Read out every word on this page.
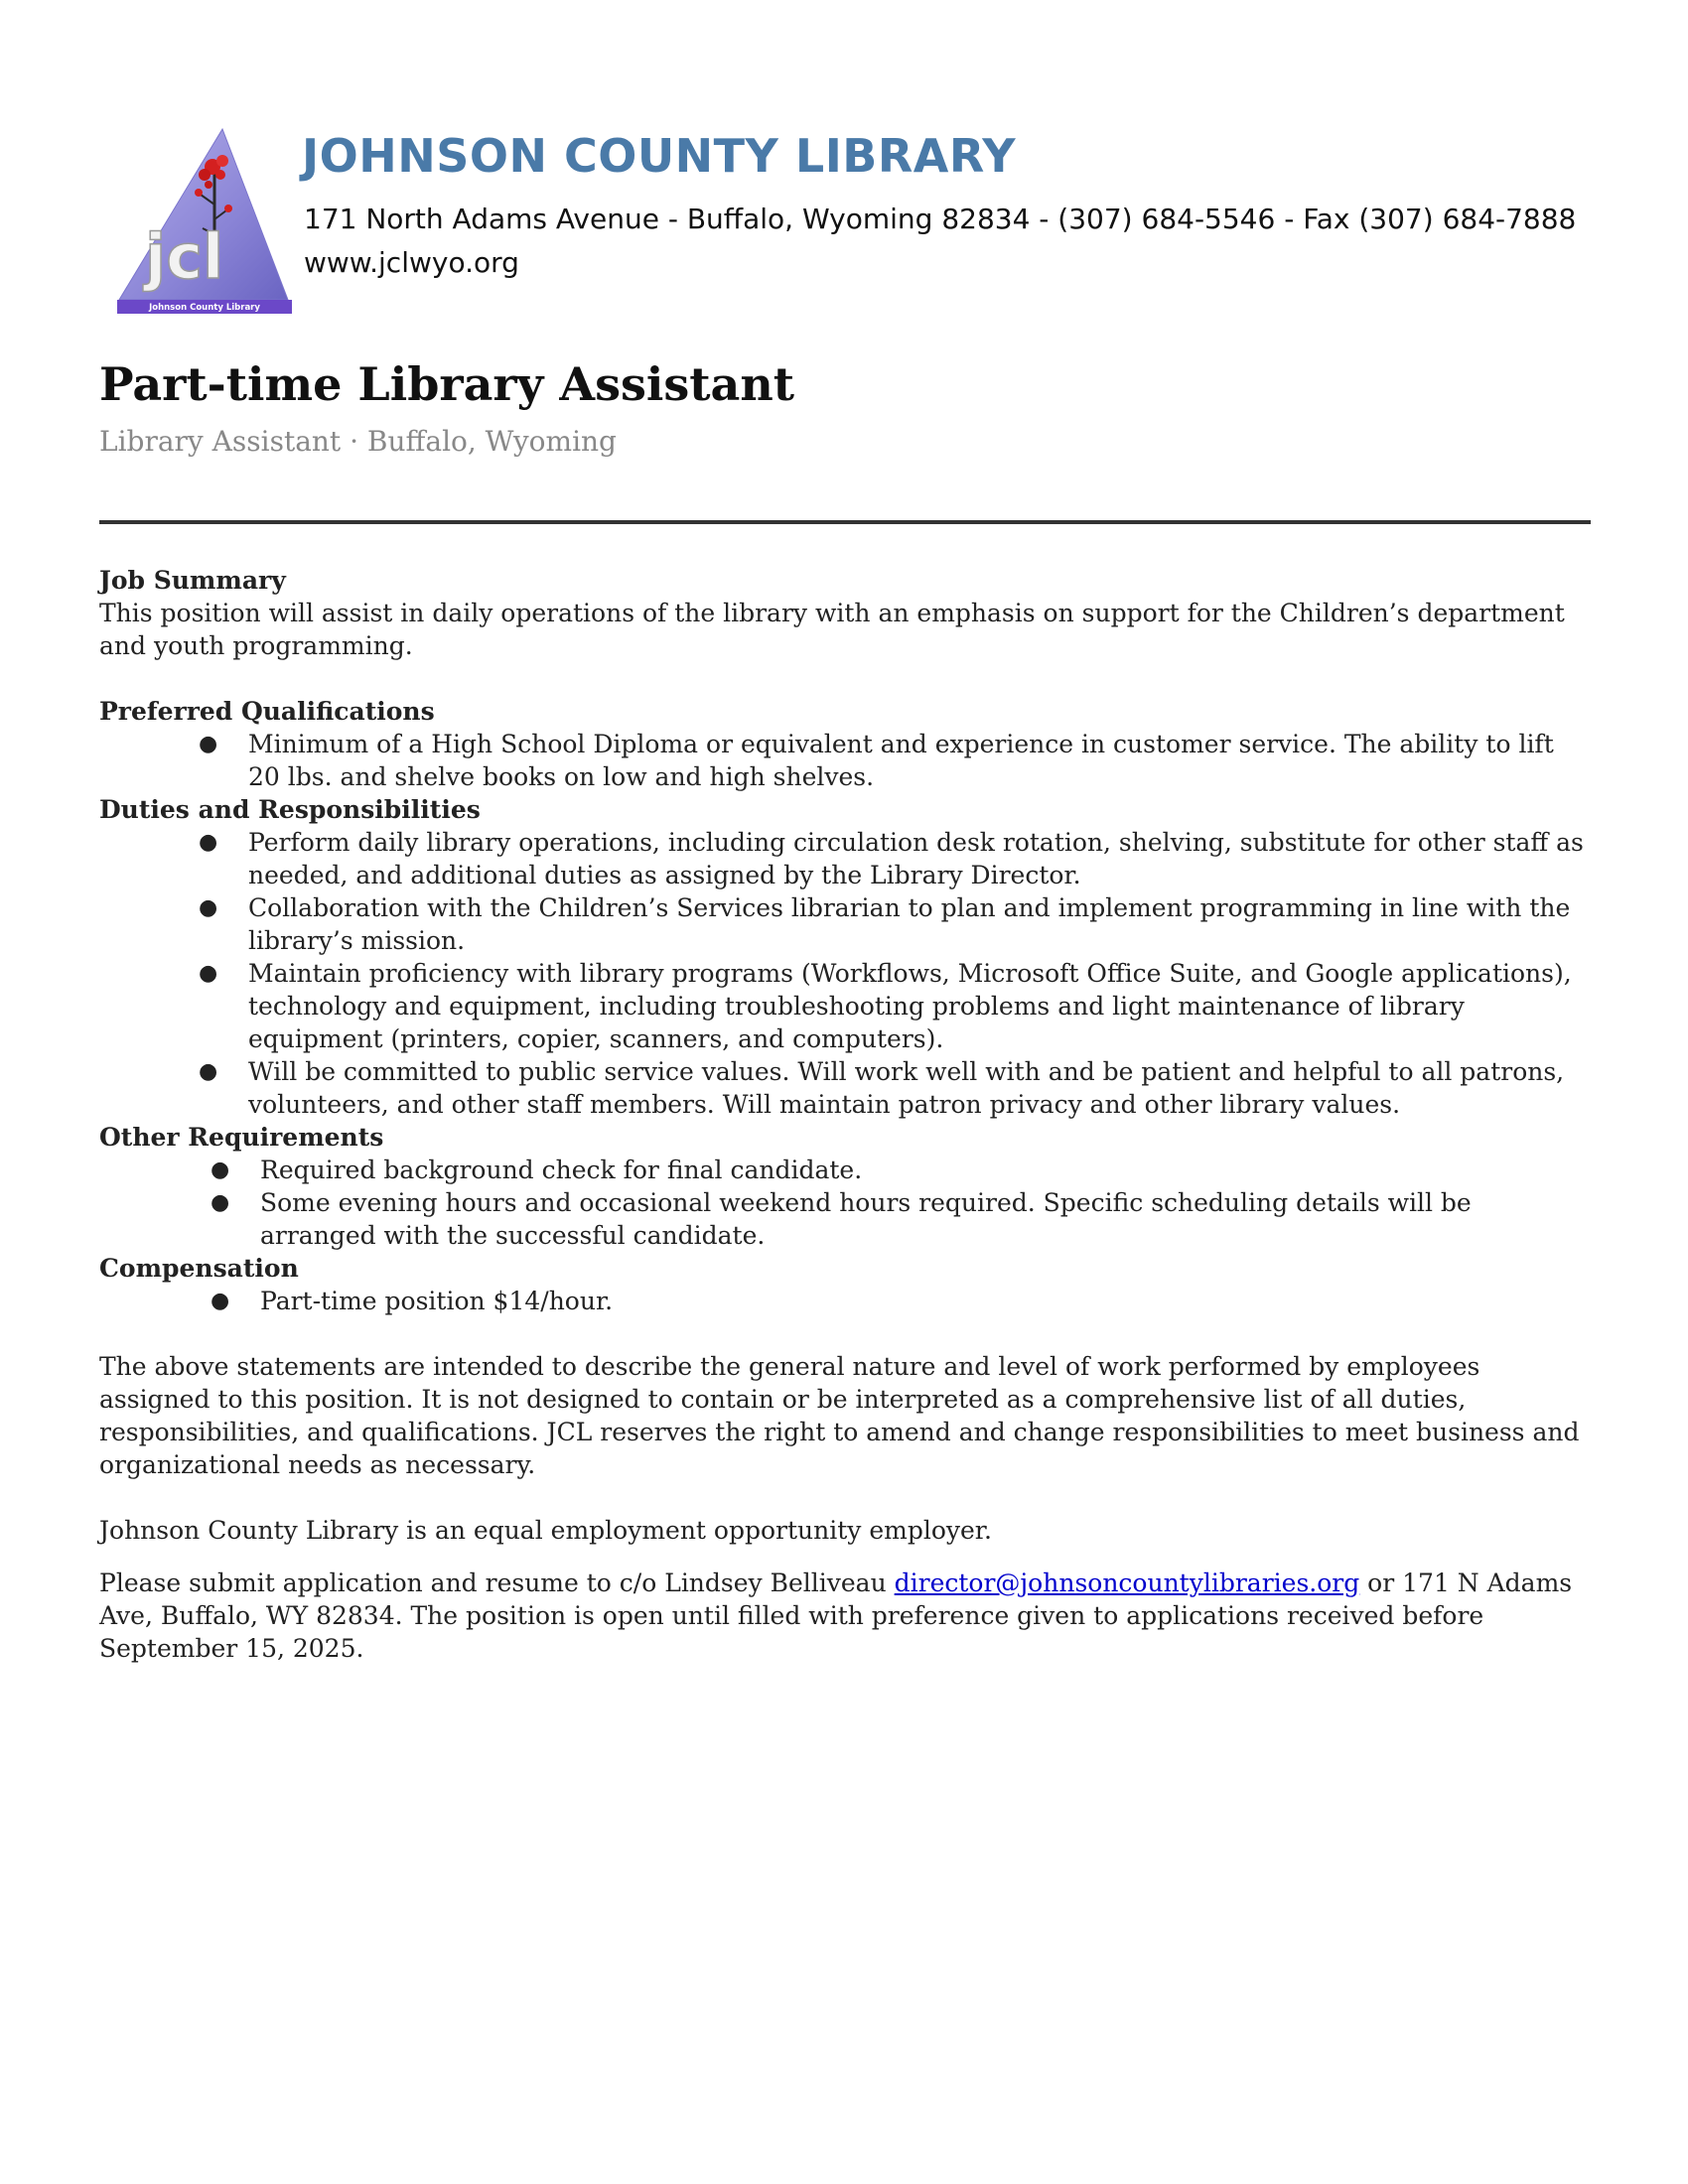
jcl
Johnson County Library
JOHNSON COUNTY LIBRARY
171 North Adams Avenue - Buffalo, Wyoming 82834 - (307) 684-5546 - Fax (307) 684-7888
www.jclwyo.org
Part-time Library Assistant
Library Assistant · Buffalo, Wyoming
Job Summary

This position will assist in daily operations of the library with an emphasis on support for the Children’s department and youth programming.

Preferred Qualifications
● Minimum of a High School Diploma or equivalent and experience in customer service. The ability to lift 20 lbs. and shelve books on low and high shelves.
Duties and Responsibilities
● Perform daily library operations, including circulation desk rotation, shelving, substitute for other staff as needed, and additional duties as assigned by the Library Director.
● Collaboration with the Children’s Services librarian to plan and implement programming in line with the library’s mission.
● Maintain proficiency with library programs (Workflows, Microsoft Office Suite, and Google applications), technology and equipment, including troubleshooting problems and light maintenance of library equipment (printers, copier, scanners, and computers).
● Will be committed to public service values. Will work well with and be patient and helpful to all patrons, volunteers, and other staff members. Will maintain patron privacy and other library values.
Other Requirements
● Required background check for final candidate.
● Some evening hours and occasional weekend hours required. Specific scheduling details will be arranged with the successful candidate.
Compensation
● Part-time position $14/hour.

The above statements are intended to describe the general nature and level of work performed by employees assigned to this position. It is not designed to contain or be interpreted as a comprehensive list of all duties, responsibilities, and qualifications. JCL reserves the right to amend and change responsibilities to meet business and organizational needs as necessary.

Johnson County Library is an equal employment opportunity employer.

Please submit application and resume to c/o Lindsey Belliveau director@johnsoncountylibraries.org or 171 N Adams Ave, Buffalo, WY 82834. The position is open until filled with preference given to applications received before September 15, 2025.
